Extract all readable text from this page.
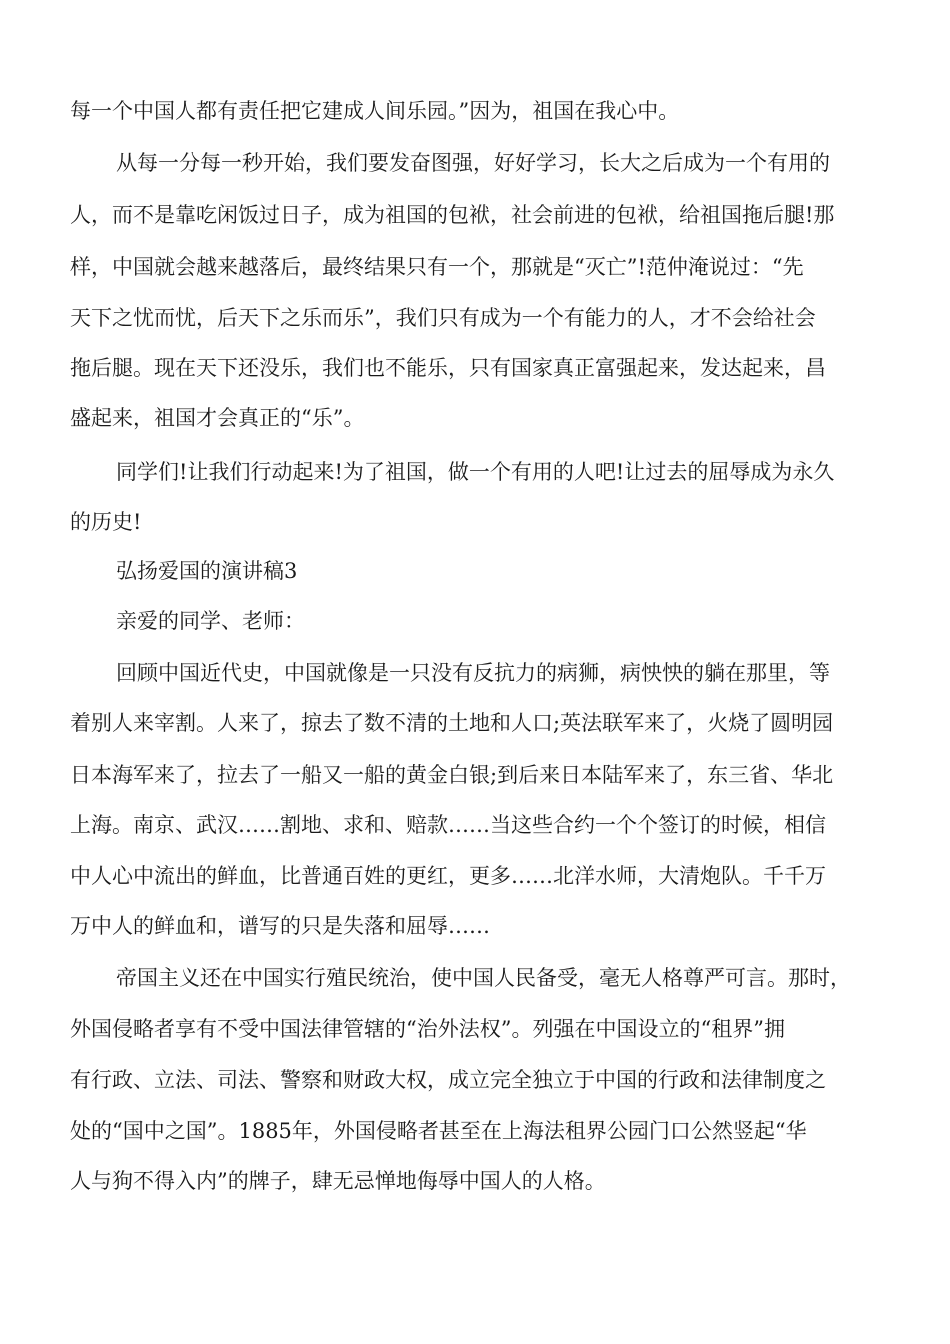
每一个中国人都有责任把它建成人间乐园。”因为，祖国在我心中。
从每一分每一秒开始，我们要发奋图强，好好学习，长大之后成为一个有用的
人，而不是靠吃闲饭过日子，成为祖国的包袱，社会前进的包袱，给祖国拖后腿!那
样，中国就会越来越落后，最终结果只有一个，那就是“灭亡”!范仲淹说过：“先
天下之忧而忧，后天下之乐而乐”，我们只有成为一个有能力的人，才不会给社会
拖后腿。现在天下还没乐，我们也不能乐，只有国家真正富强起来，发达起来，昌
盛起来，祖国才会真正的“乐”。
同学们!让我们行动起来!为了祖国，做一个有用的人吧!让过去的屈辱成为永久
的历史!
弘扬爱国的演讲稿3
亲爱的同学、老师：
回顾中国近代史，中国就像是一只没有反抗力的病狮，病怏怏的躺在那里，等
着别人来宰割。人来了，掠去了数不清的土地和人口;英法联军来了，火烧了圆明园
日本海军来了，拉去了一船又一船的黄金白银;到后来日本陆军来了，东三省、华北
上海。南京、武汉……割地、求和、赔款……当这些合约一个个签订的时候，相信
中人心中流出的鲜血，比普通百姓的更红，更多……北洋水师，大清炮队。千千万
万中人的鲜血和，谱写的只是失落和屈辱……
帝国主义还在中国实行殖民统治，使中国人民备受，毫无人格尊严可言。那时，
外国侵略者享有不受中国法律管辖的“治外法权”。列强在中国设立的“租界”拥
有行政、立法、司法、警察和财政大权，成立完全独立于中国的行政和法律制度之
处的“国中之国”。1885年，外国侵略者甚至在上海法租界公园门口公然竖起“华
人与狗不得入内”的牌子，肆无忌惮地侮辱中国人的人格。
